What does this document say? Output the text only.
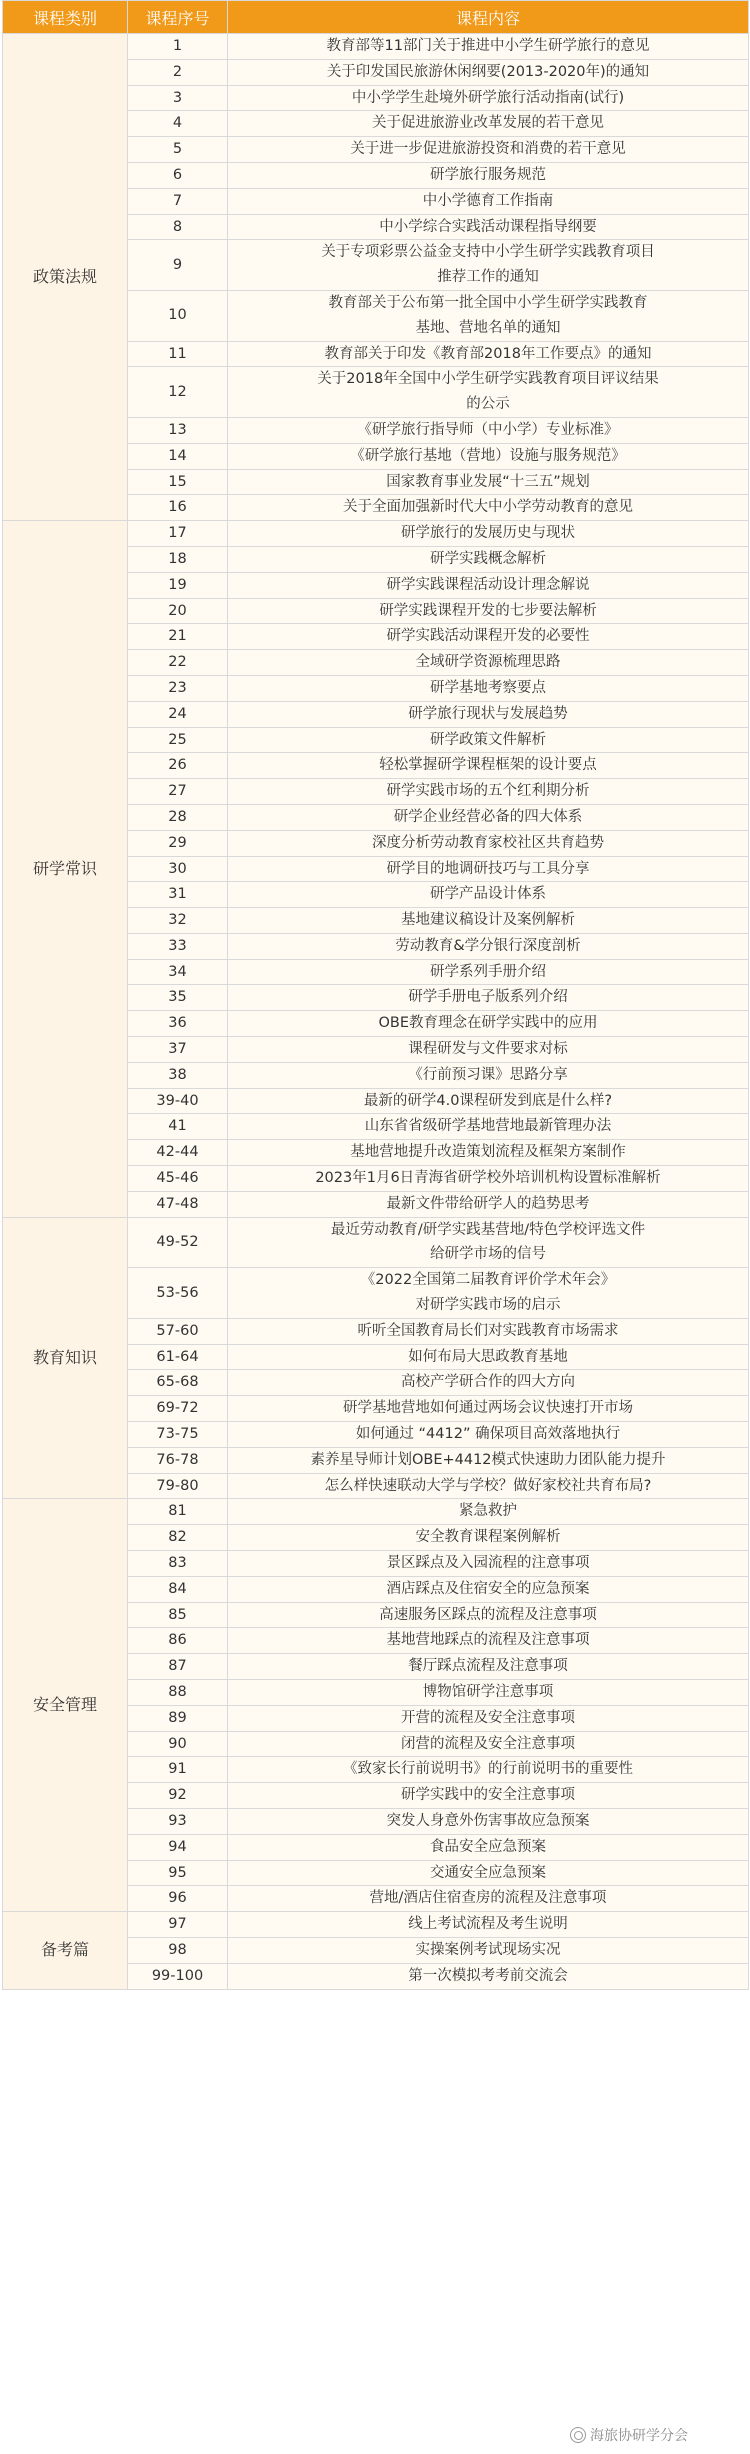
课程类别	课程序号	课程内容
政策法规	1	教育部等11部门关于推进中小学生研学旅行的意见
	2	关于印发国民旅游休闲纲要(2013-2020年)的通知
	3	中小学学生赴境外研学旅行活动指南(试行)
	4	关于促进旅游业改革发展的若干意见
	5	关于进一步促进旅游投资和消费的若干意见
	6	研学旅行服务规范
	7	中小学德育工作指南
	8	中小学综合实践活动课程指导纲要
	9	关于专项彩票公益金支持中小学生研学实践教育项目
推荐工作的通知

	10	教育部关于公布第一批全国中小学生研学实践教育
基地、营地名单的通知

	11	教育部关于印发《教育部2018年工作要点》的通知
	12	关于2018年全国中小学生研学实践教育项目评议结果
的公示

	13	《研学旅行指导师（中小学）专业标准》
	14	《研学旅行基地（营地）设施与服务规范》
	15	国家教育事业发展“十三五”规划
	16	关于全面加强新时代大中小学劳动教育的意见
研学常识	17	研学旅行的发展历史与现状
	18	研学实践概念解析
	19	研学实践课程活动设计理念解说
	20	研学实践课程开发的七步要法解析
	21	研学实践活动课程开发的必要性
	22	全域研学资源梳理思路
	23	研学基地考察要点
	24	研学旅行现状与发展趋势
	25	研学政策文件解析
	26	轻松掌握研学课程框架的设计要点
	27	研学实践市场的五个红利期分析
	28	研学企业经营必备的四大体系
	29	深度分析劳动教育家校社区共育趋势
	30	研学目的地调研技巧与工具分享
	31	研学产品设计体系
	32	基地建议稿设计及案例解析
	33	劳动教育&学分银行深度剖析
	34	研学系列手册介绍
	35	研学手册电子版系列介绍
	36	OBE教育理念在研学实践中的应用
	37	课程研发与文件要求对标
	38	《行前预习课》思路分享
	39-40	最新的研学4.0课程研发到底是什么样?
	41	山东省省级研学基地营地最新管理办法
	42-44	基地营地提升改造策划流程及框架方案制作
	45-46	2023年1月6日青海省研学校外培训机构设置标准解析
	47-48	最新文件带给研学人的趋势思考
教育知识	49-52	最近劳动教育/研学实践基营地/特色学校评选文件
给研学市场的信号

	53-56	《2022全国第二届教育评价学术年会》
对研学实践市场的启示

	57-60	听听全国教育局长们对实践教育市场需求
	61-64	如何布局大思政教育基地
	65-68	高校产学研合作的四大方向
	69-72	研学基地营地如何通过两场会议快速打开市场
	73-75	如何通过 “4412” 确保项目高效落地执行
	76-78	素养星导师计划OBE+4412模式快速助力团队能力提升
	79-80	怎么样快速联动大学与学校？做好家校社共育布局?
安全管理	81	紧急救护
	82	安全教育课程案例解析
	83	景区踩点及入园流程的注意事项
	84	酒店踩点及住宿安全的应急预案
	85	高速服务区踩点的流程及注意事项
	86	基地营地踩点的流程及注意事项
	87	餐厅踩点流程及注意事项
	88	博物馆研学注意事项
	89	开营的流程及安全注意事项
	90	闭营的流程及安全注意事项
	91	《致家长行前说明书》的行前说明书的重要性
	92	研学实践中的安全注意事项
	93	突发人身意外伤害事故应急预案
	94	食品安全应急预案
	95	交通安全应急预案
	96	营地/酒店住宿查房的流程及注意事项
备考篇	97	线上考试流程及考生说明
	98	实操案例考试现场实况
	99-100	第一次模拟考考前交流会
海旅协研学分会
